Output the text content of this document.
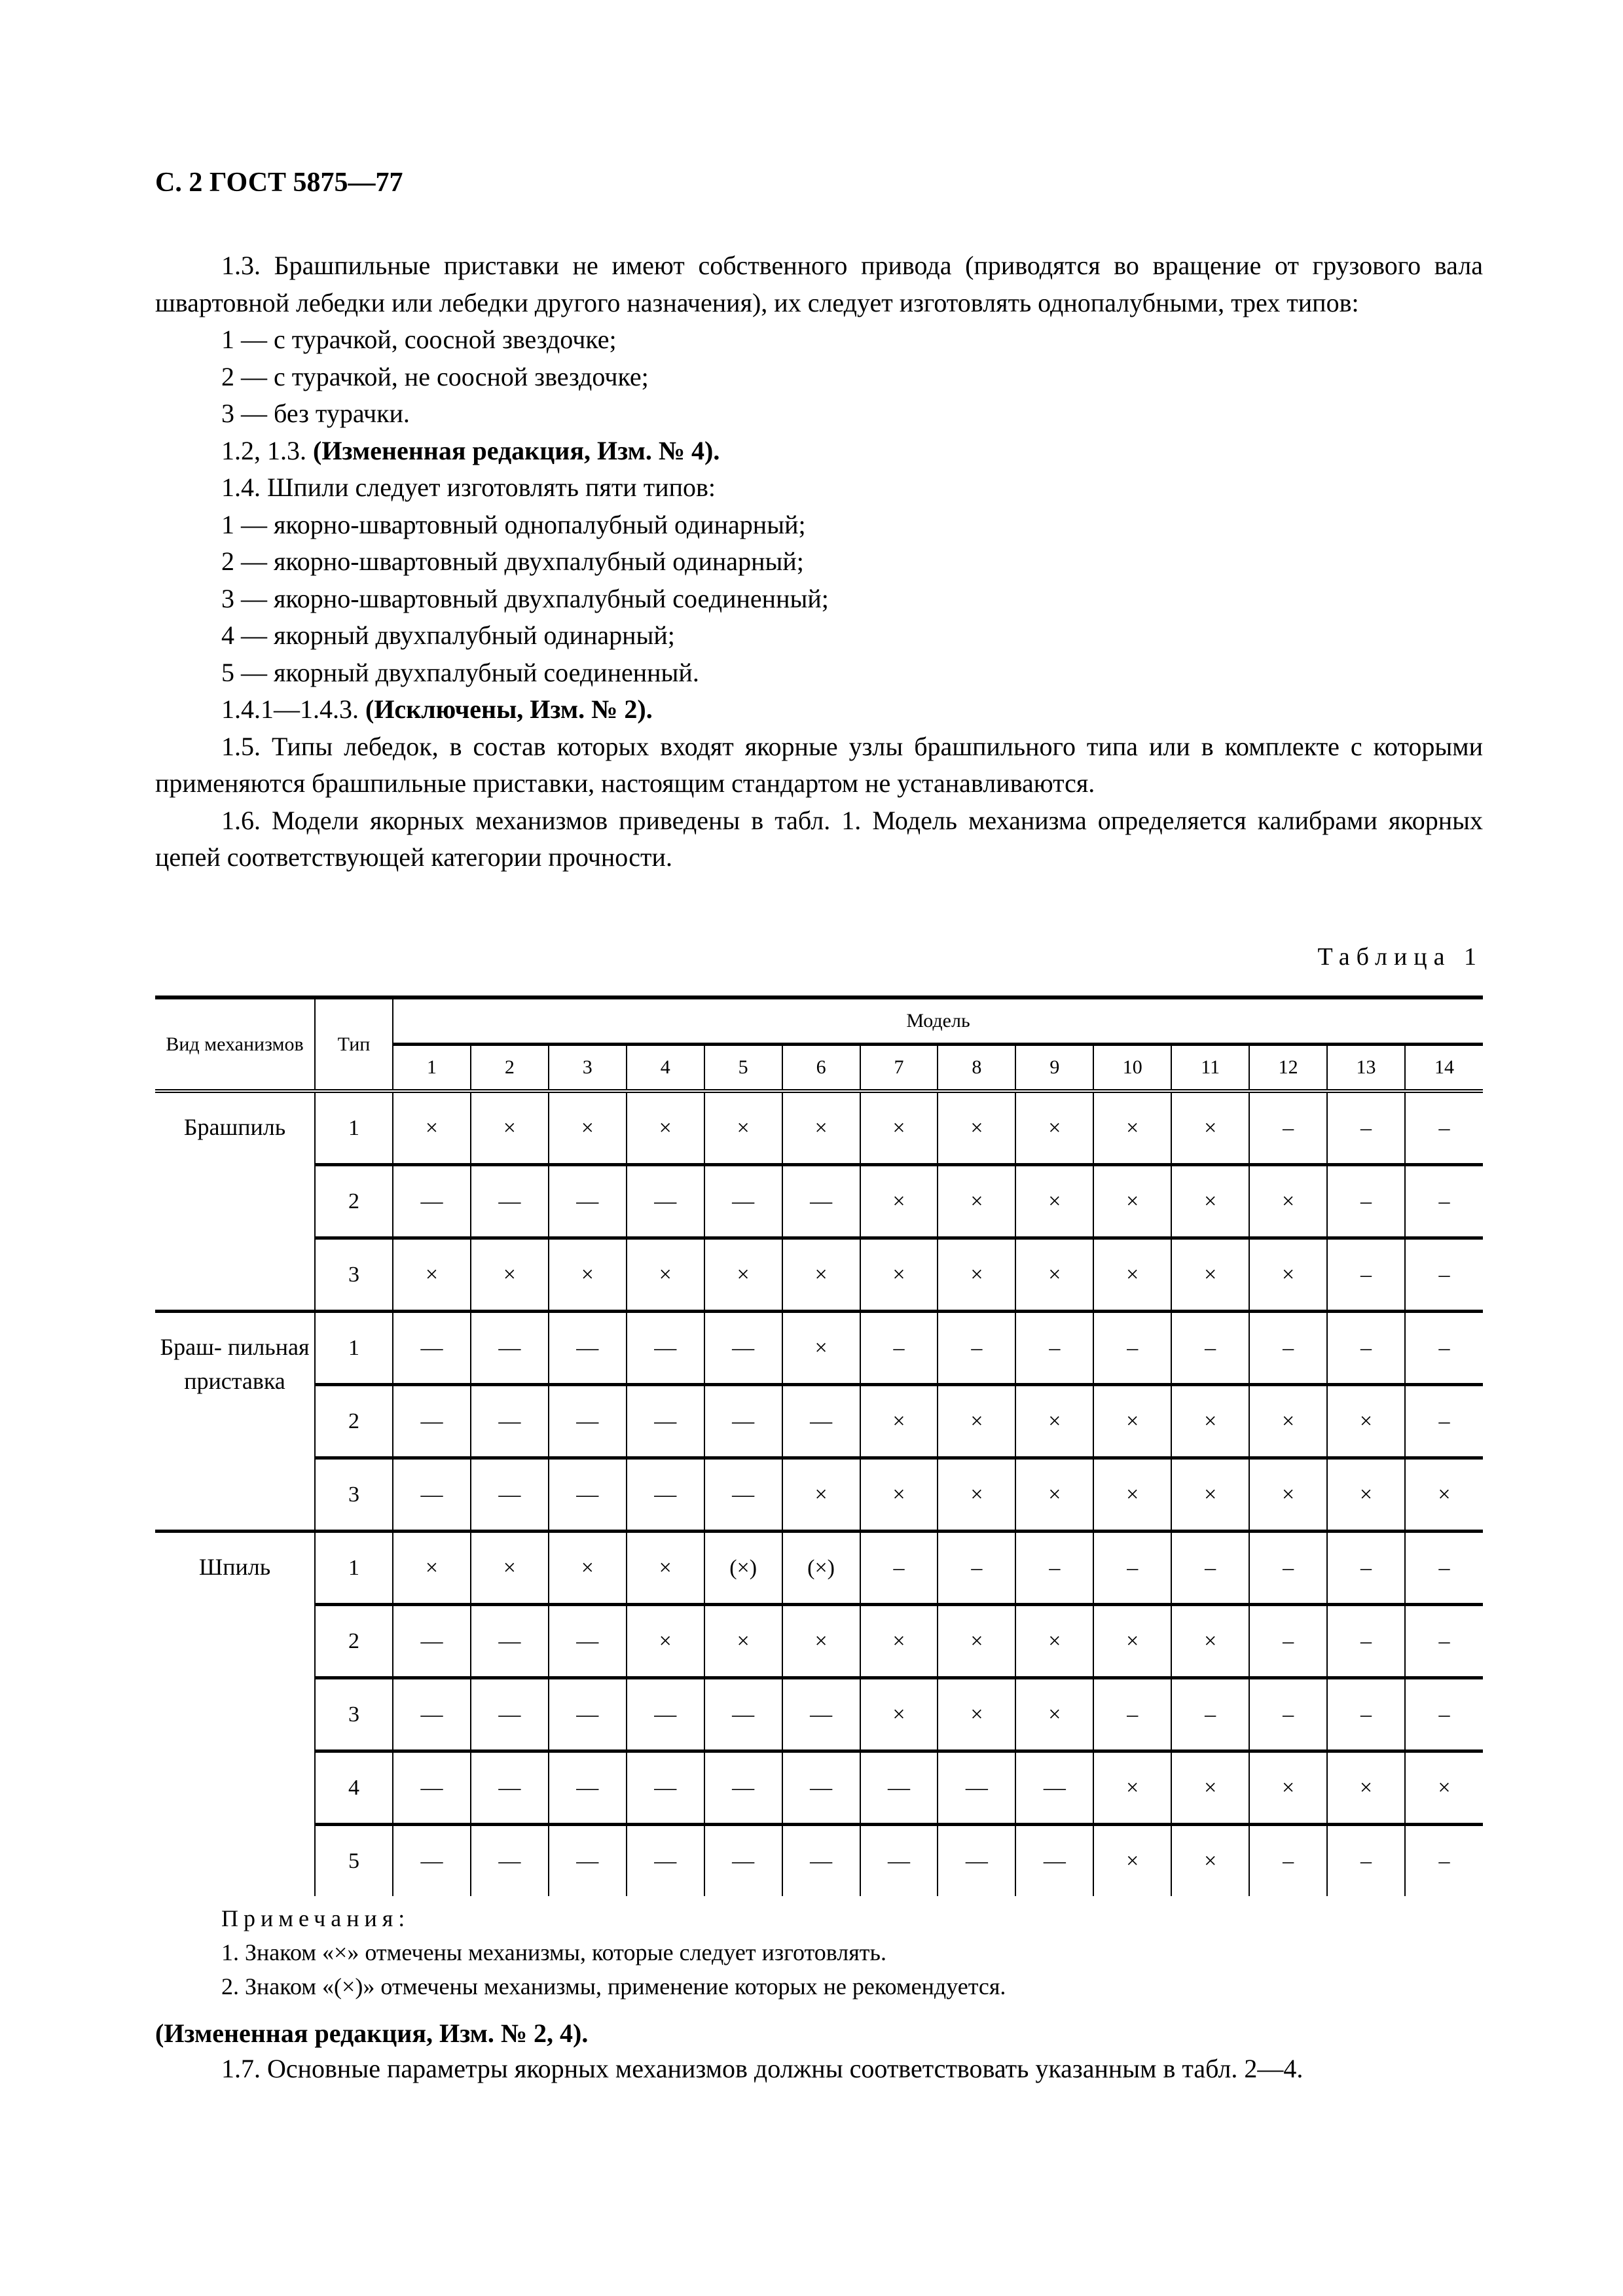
С. 2 ГОСТ 5875—77

1.3. Брашпильные приставки не имеют собственного привода (приводятся во вращение от грузового вала швартовной лебедки или лебедки другого назначения), их следует изготовлять однопалубными, трех типов:

1 — с турачкой, соосной звездочке;

2 — с турачкой, не соосной звездочке;

3 — без турачки.

1.2, 1.3. (Измененная редакция, Изм. № 4).

1.4. Шпили следует изготовлять пяти типов:

1 — якорно-швартовный однопалубный одинарный;

2 — якорно-швартовный двухпалубный одинарный;

3 — якорно-швартовный двухпалубный соединенный;

4 — якорный двухпалубный одинарный;

5 — якорный двухпалубный соединенный.

1.4.1—1.4.3. (Исключены, Изм. № 2).

1.5. Типы лебедок, в состав которых входят якорные узлы брашпильного типа или в комплекте с которыми применяются брашпильные приставки, настоящим стандартом не устанавливаются.

1.6. Модели якорных механизмов приведены в табл. 1. Модель механизма определяется калибрами якорных цепей соответствующей категории прочности.

Таблица 1
Вид механизмов	Тип	Модель													
		1	2	3	4	5	6	7	8	9	10	11	12	13	14
Брашпиль	1	×	×	×	×	×	×	×	×	×	×	×	–	–	–
	2	—	—	—	—	—	—	×	×	×	×	×	×	–	–
	3	×	×	×	×	×	×	×	×	×	×	×	×	–	–
Браш- пильная приставка	1	—	—	—	—	—	×	–	–	–	–	–	–	–	–
	2	—	—	—	—	—	—	×	×	×	×	×	×	×	–
	3	—	—	—	—	—	×	×	×	×	×	×	×	×	×
Шпиль	1	×	×	×	×	(×)	(×)	–	–	–	–	–	–	–	–
	2	—	—	—	×	×	×	×	×	×	×	×	–	–	–
	3	—	—	—	—	—	—	×	×	×	–	–	–	–	–
	4	—	—	—	—	—	—	—	—	—	×	×	×	×	×
	5	—	—	—	—	—	—	—	—	—	×	×	–	–	–
Примечания:
1. Знаком «×» отмечены механизмы, которые следует изготовлять.
2. Знаком «(×)» отмечены механизмы, применение которых не рекомендуется.
(Измененная редакция, Изм. № 2, 4).
1.7. Основные параметры якорных механизмов должны соответствовать указанным в табл. 2—4.
